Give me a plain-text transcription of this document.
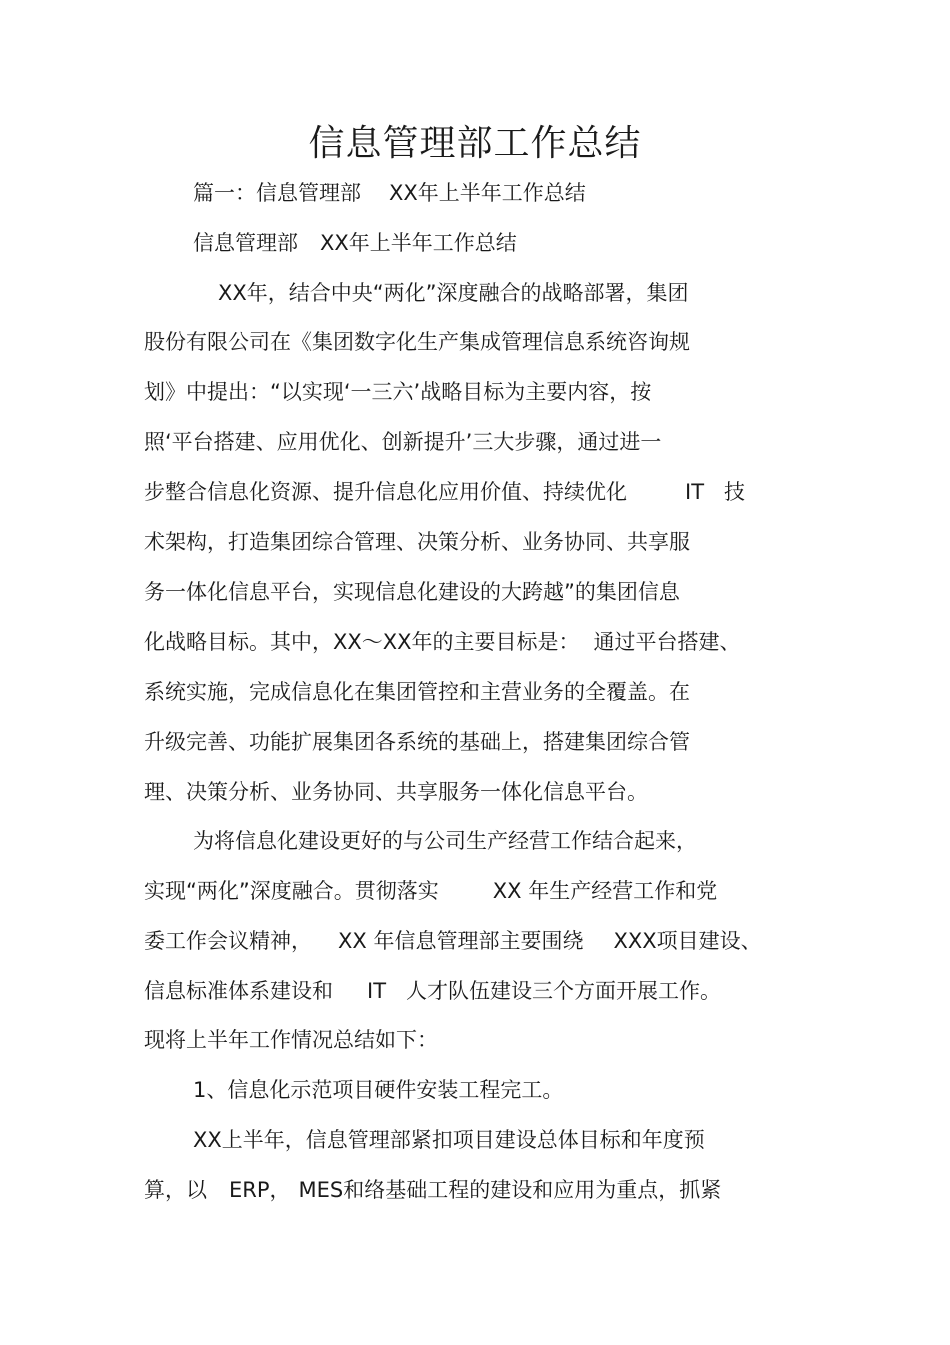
信息管理部工作总结
篇一：信息管理部 XX年上半年工作总结
信息管理部 XX年上半年工作总结
XX年，结合中央“两化”深度融合的战略部署，集团
股份有限公司在《集团数字化生产集成管理信息系统咨询规
划》中提出：“以实现‘一三六’战略目标为主要内容，按
照‘平台搭建、应用优化、创新提升’三大步骤，通过进一
步整合信息化资源、提升信息化应用价值、持续优化	IT 技
术架构，打造集团综合管理、决策分析、业务协同、共享服
务一体化信息平台，实现信息化建设的大跨越”的集团信息
化战略目标。其中，XX～XX年的主要目标是： 通过平台搭建、
系统实施，完成信息化在集团管控和主营业务的全覆盖。在
升级完善、功能扩展集团各系统的基础上，搭建集团综合管
理、决策分析、业务协同、共享服务一体化信息平台。
为将信息化建设更好的与公司生产经营工作结合起来，
实现“两化”深度融合。贯彻落实	XX 年生产经营工作和党
委工作会议精神， XX 年信息管理部主要围绕 XXX项目建设、
信息标准体系建设和 IT 人才队伍建设三个方面开展工作。
现将上半年工作情况总结如下：
1、信息化示范项目硬件安装工程完工。
XX上半年，信息管理部紧扣项目建设总体目标和年度预
算，以 ERP， MES和络基础工程的建设和应用为重点，抓紧
